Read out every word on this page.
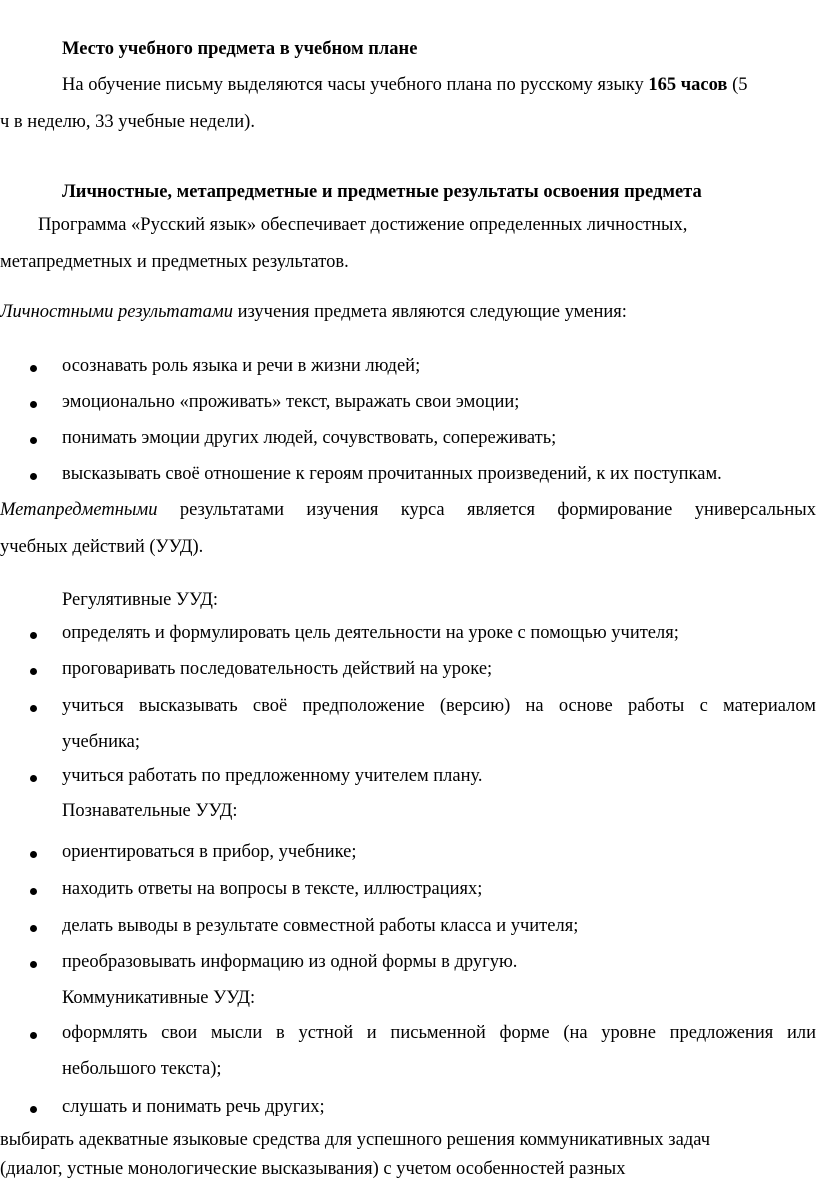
Место учебного предмета в учебном плане
На обучение письму выделяются часы учебного плана по русскому языку 165 часов (5
ч в неделю, 33 учебные недели).
Личностные, метапредметные и предметные результаты освоения предмета
Программа «Русский язык» обеспечивает достижение определенных личностных,
метапредметных и предметных результатов.
Личностными результатами изучения предмета являются следующие умения:
осознавать роль языка и речи в жизни людей;
эмоционально «проживать» текст, выражать свои эмоции;
понимать эмоции других людей, сочувствовать, сопереживать;
высказывать своё отношение к героям прочитанных произведений, к их поступкам.
Метапредметными результатами изучения курса является формирование универсальных
учебных действий (УУД).
Регулятивные УУД:
определять и формулировать цель деятельности на уроке с помощью учителя;
проговаривать последовательность действий на уроке;
учиться высказывать своё предположение (версию) на основе работы с материалом
учебника;
учиться работать по предложенному учителем плану.
Познавательные УУД:
ориентироваться в прибор, учебнике;
находить ответы на вопросы в тексте, иллюстрациях;
делать выводы в результате совместной работы класса и учителя;
преобразовывать информацию из одной формы в другую.
Коммуникативные УУД:
оформлять свои мысли в устной и письменной форме (на уровне предложения или
небольшого текста);
слушать и понимать речь других;
выбирать адекватные языковые средства для успешного решения коммуникативных задач
(диалог, устные монологические высказывания) с учетом особенностей разных
